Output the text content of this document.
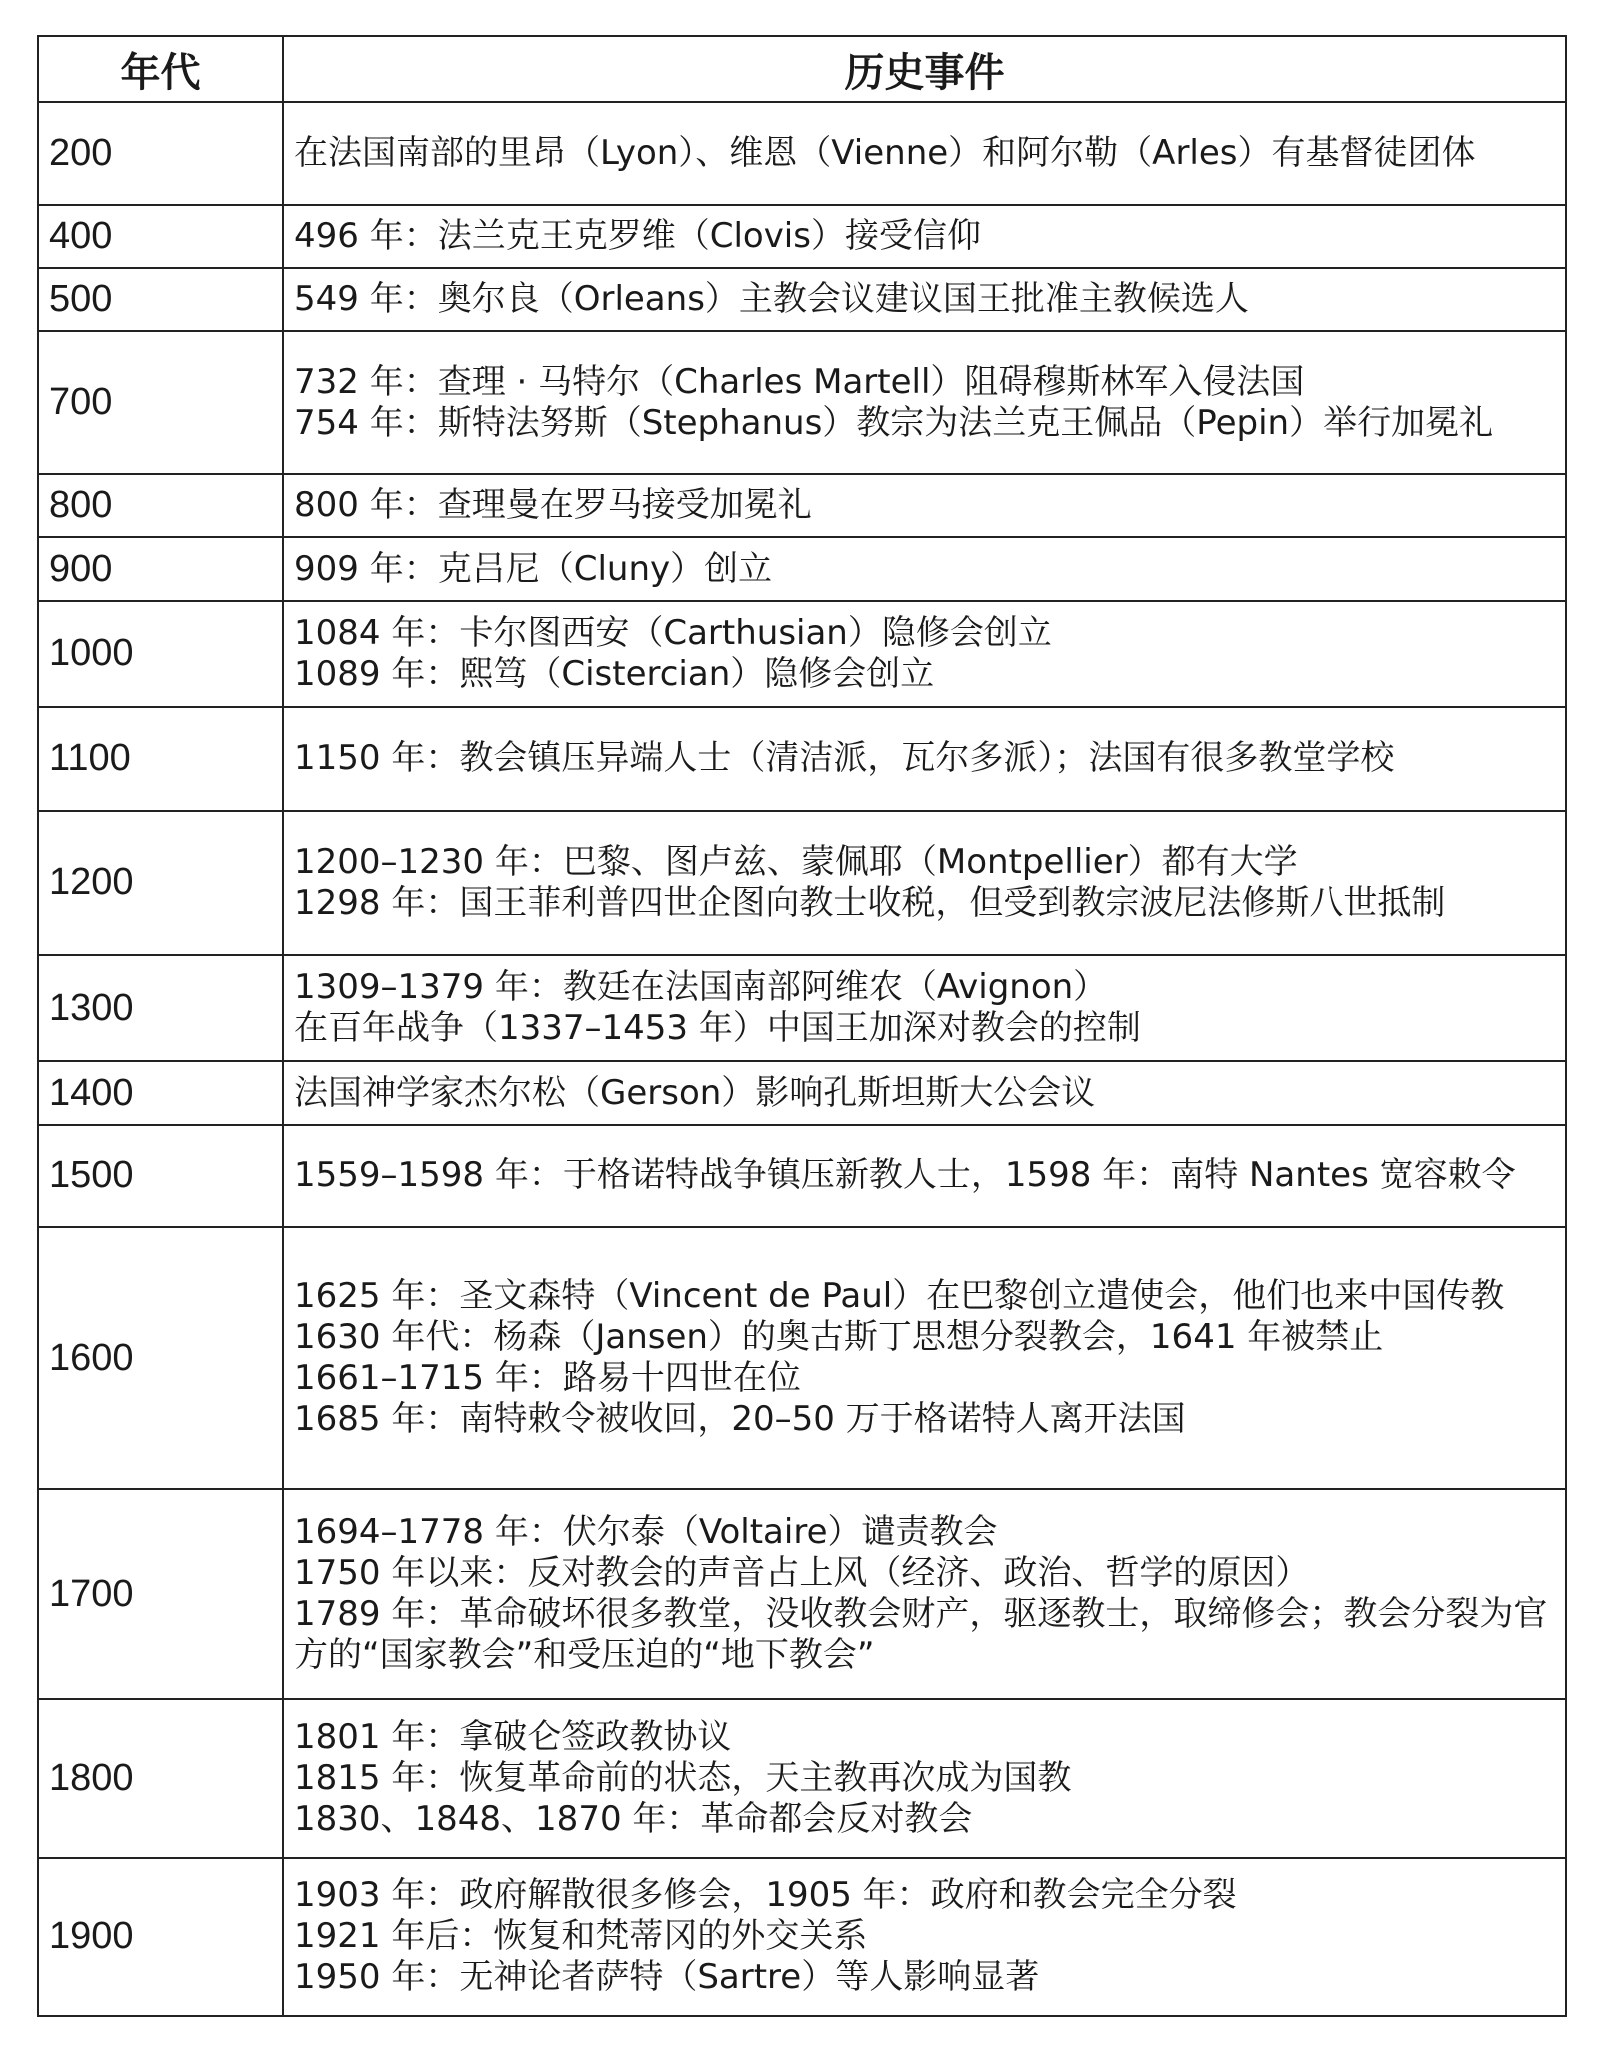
年代	历史事件
200	在法国南部的里昂（Lyon）、维恩（Vienne）和阿尔勒（Arles）有基督徒团体

400	496 年：法兰克王克罗维（Clovis）接受信仰

500	549 年：奥尔良（Orleans）主教会议建议国王批准主教候选人

700	732 年：查理 · 马特尔（Charles Martell）阻碍穆斯林军入侵法国
754 年：斯特法努斯（Stephanus）教宗为法兰克王佩品（Pepin）举行加冕礼

800	800 年：查理曼在罗马接受加冕礼

900	909 年：克吕尼（Cluny）创立

1000	1084 年：卡尔图西安（Carthusian）隐修会创立
1089 年：熙笃（Cistercian）隐修会创立

1100	1150 年：教会镇压异端人士（清洁派，瓦尔多派）；法国有很多教堂学校

1200	1200–1230 年：巴黎、图卢兹、蒙佩耶（Montpellier）都有大学
1298 年：国王菲利普四世企图向教士收税，但受到教宗波尼法修斯八世抵制

1300	1309–1379 年：教廷在法国南部阿维农（Avignon）
在百年战争（1337–1453 年）中国王加深对教会的控制

1400	法国神学家杰尔松（Gerson）影响孔斯坦斯大公会议

1500	1559–1598 年：于格诺特战争镇压新教人士，1598 年：南特 Nantes 宽容敕令

1600	1625 年：圣文森特（Vincent de Paul）在巴黎创立遣使会，他们也来中国传教
1630 年代：杨森（Jansen）的奥古斯丁思想分裂教会，1641 年被禁止
1661–1715 年：路易十四世在位
1685 年：南特敕令被收回，20–50 万于格诺特人离开法国

1700	1694–1778 年：伏尔泰（Voltaire）谴责教会
1750 年以来：反对教会的声音占上风（经济、政治、哲学的原因）
1789 年：革命破坏很多教堂，没收教会财产，驱逐教士，取缔修会；教会分裂为官方的“国家教会”和受压迫的“地下教会”

1800	1801 年：拿破仑签政教协议
1815 年：恢复革命前的状态，天主教再次成为国教
1830、1848、1870 年：革命都会反对教会

1900	1903 年：政府解散很多修会，1905 年：政府和教会完全分裂
1921 年后：恢复和梵蒂冈的外交关系
1950 年：无神论者萨特（Sartre）等人影响显著
